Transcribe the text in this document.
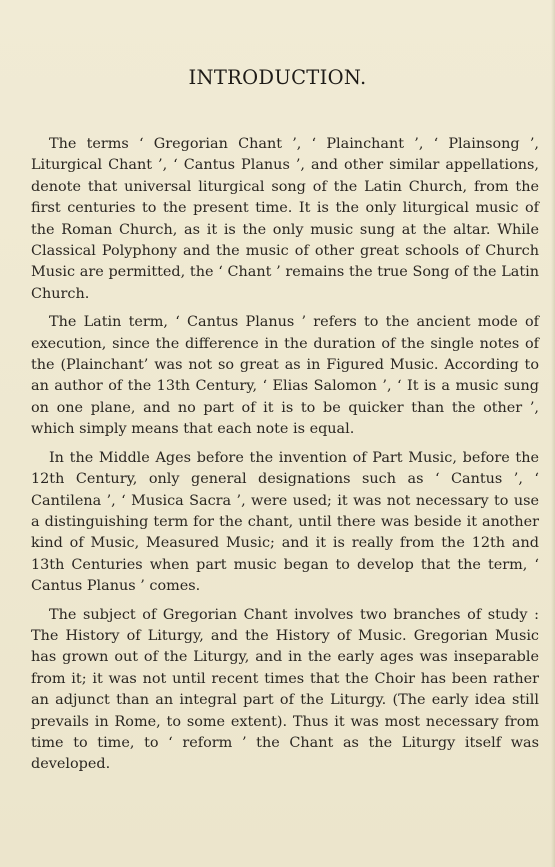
INTRODUCTION.

The terms ‘ Gregorian Chant ’, ‘ Plainchant ’, ‘ Plainsong ’, Liturgical Chant ’, ‘ Cantus Planus ’, and other similar appellations, denote that universal liturgical song of the Latin Church, from the first centuries to the present time. It is the only liturgical music of the Roman Church, as it is the only music sung at the altar. While Classical Polyphony and the music of other great schools of Church Music are permitted, the ‘ Chant ’ remains the true Song of the Latin Church.

The Latin term, ‘ Cantus Planus ’ refers to the ancient mode of execution, since the difference in the duration of the single notes of the (Plainchant’ was not so great as in Figured Music. According to an author of the 13th Century, ‘ Elias Salomon ’, ‘ It is a music sung on one plane, and no part of it is to be quicker than the other ’, which simply means that each note is equal.

In the Middle Ages before the invention of Part Music, before the 12th Century, only general designations such as ‘ Cantus ’, ‘ Cantilena ’, ‘ Musica Sacra ’, were used; it was not necessary to use a distinguishing term for the chant, until there was beside it another kind of Music, Measured Music; and it is really from the 12th and 13th Centuries when part music began to develop that the term, ‘ Cantus Planus ’ comes.

The subject of Gregorian Chant involves two branches of study : The History of Liturgy, and the History of Music. Gregorian Music has grown out of the Liturgy, and in the early ages was inseparable from it; it was not until recent times that the Choir has been rather an adjunct than an integral part of the Liturgy. (The early idea still prevails in Rome, to some extent). Thus it was most necessary from time to time, to ‘ reform ’ the Chant as the Liturgy itself was developed.
